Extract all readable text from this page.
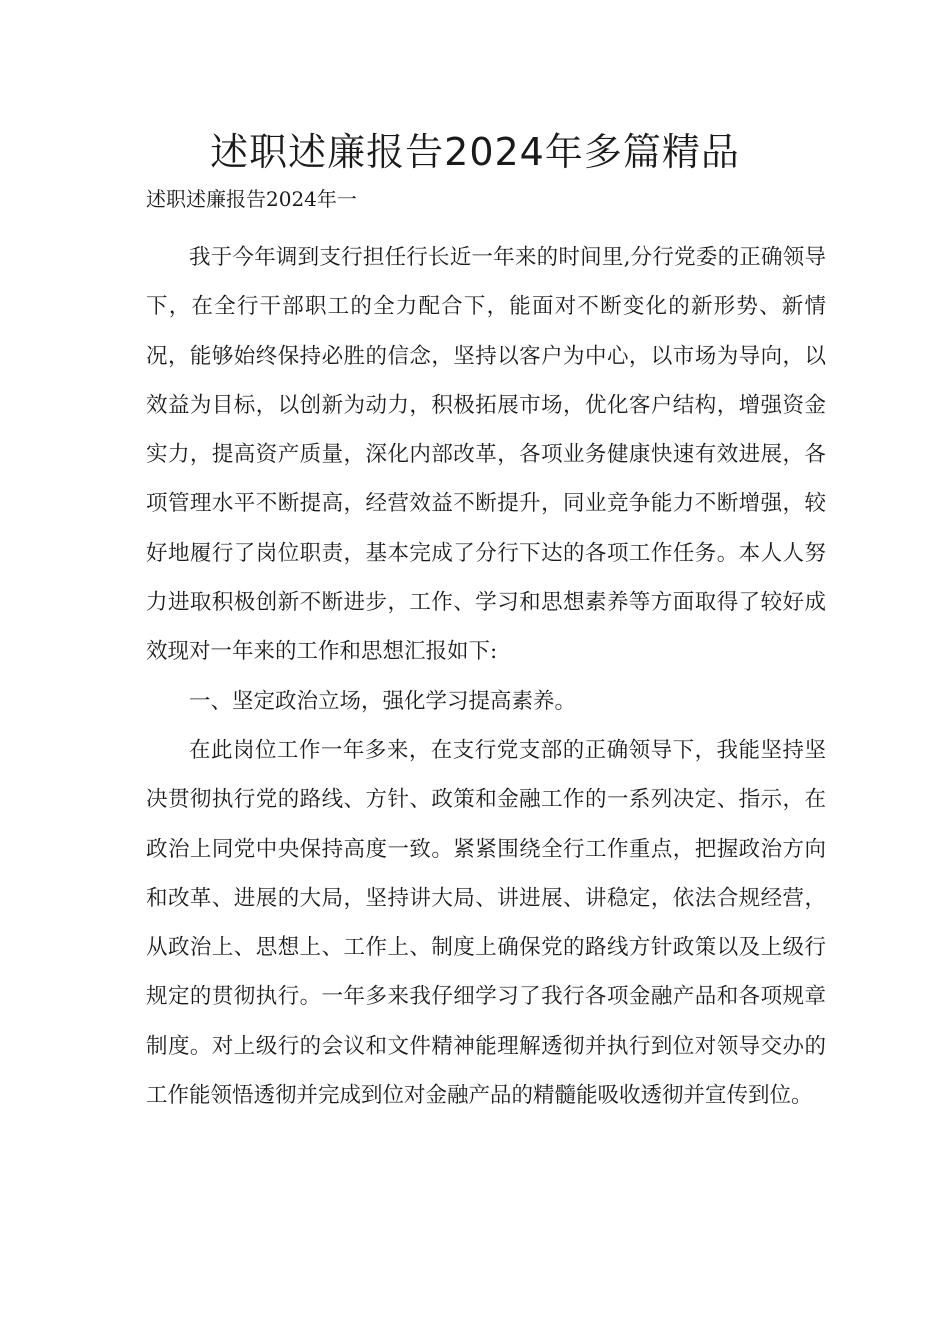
述职述廉报告2024年多篇精品
述职述廉报告2024年一

我于今年调到支行担任行长近一年来的时间里,分行党委的正确领导下，在全行干部职工的全力配合下，能面对不断变化的新形势、新情况，能够始终保持必胜的信念，坚持以客户为中心，以市场为导向，以效益为目标，以创新为动力，积极拓展市场，优化客户结构，增强资金实力，提高资产质量，深化内部改革，各项业务健康快速有效进展，各项管理水平不断提高，经营效益不断提升，同业竞争能力不断增强，较好地履行了岗位职责，基本完成了分行下达的各项工作任务。本人人努力进取积极创新不断进步，工作、学习和思想素养等方面取得了较好成效现对一年来的工作和思想汇报如下:

一、坚定政治立场，强化学习提高素养。

在此岗位工作一年多来，在支行党支部的正确领导下，我能坚持坚决贯彻执行党的路线、方针、政策和金融工作的一系列决定、指示，在政治上同党中央保持高度一致。紧紧围绕全行工作重点，把握政治方向和改革、进展的大局，坚持讲大局、讲进展、讲稳定，依法合规经营，从政治上、思想上、工作上、制度上确保党的路线方针政策以及上级行规定的贯彻执行。一年多来我仔细学习了我行各项金融产品和各项规章制度。对上级行的会议和文件精神能理解透彻并执行到位对领导交办的工作能领悟透彻并完成到位对金融产品的精髓能吸收透彻并宣传到位。
